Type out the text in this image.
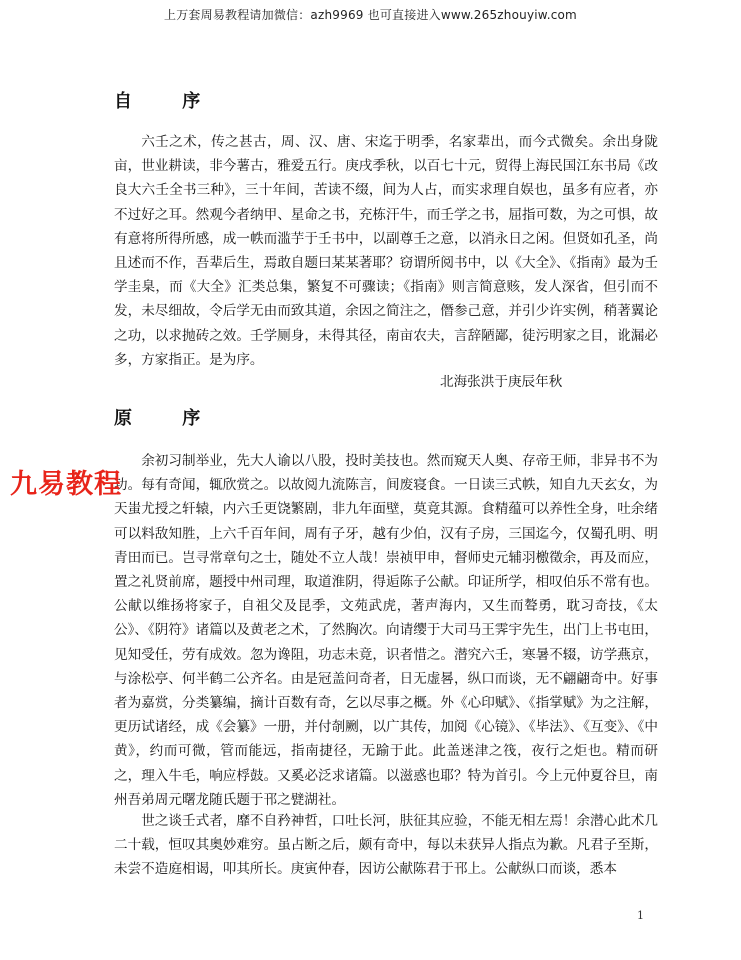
上万套周易教程请加微信：azh9969 也可直接进入www.265zhouyiw.com
自 序

六壬之术，传之甚古，周、汉、唐、宋迄于明季，名家辈出，而今式微矣。余出身陇亩，世业耕读，非今薯古，雅爱五行。庚戌季秋，以百七十元，贸得上海民国江东书局《改良大六壬全书三种》，三十年间，苦读不缀，间为人占，而实求理自娱也，虽多有应者，亦不过好之耳。然观今者纳甲、星命之书，充栋汗牛，而壬学之书，屈指可数，为之可惧，故有意将所得所感，成一帙而滥芋于壬书中，以副尊壬之意，以消永日之闲。但贤如孔圣，尚且述而不作，吾辈后生，焉敢自题曰某某著耶？窃谓所阅书中，以《大全》、《指南》最为壬学圭臬，而《大全》汇类总集，繁复不可骤读；《指南》则言简意赅，发人深省，但引而不发，未尽细故，令后学无由而致其道，余因之简注之，僭参己意，并引少许实例，稍著翼论之功，以求抛砖之效。壬学厕身，未得其径，南亩农夫，言辞陋鄙，徒污明家之目，讹漏必多，方家指正。是为序。

北海张洪于庚辰年秋
原 序

余初习制举业，先大人谕以八股，投时美技也。然而窥天人奥、存帝王师，非异书不为功。每有奇闻，辄欣赏之。以故阅九流陈言，间废寝食。一日读三式帙，知自九天玄女，为天蚩尤授之轩辕，内六壬更饶繁剧，非九年面壁，莫竟其源。食精蕴可以养性全身，吐余绪可以料敌知胜，上六千百年间，周有子牙，越有少伯，汉有子房，三国迄今，仅蜀孔明、明青田而已。岂寻常章句之士，随处不立人哉！崇祯甲申，督师史元辅羽檄徵余，再及而应，置之礼贤前席，题授中州司理，取道淮阴，得逅陈子公献。印证所学，相叹伯乐不常有也。公献以维扬将家子，自祖父及昆季，文苑武虎，著声海内，又生而聱勇，耽习奇技，《太公》、《阴符》诸篇以及黄老之术，了然胸次。向请缨于大司马王霁宇先生，出门上书屯田，见知受任，劳有成效。忽为谗阻，功志未竟，识者惜之。潜究六壬，寒暑不辍，访学燕京，与涂松亭、何半鹤二公齐名。由是冠盖问奇者，日无虚晷，纵口而谈，无不翩翩奇中。好事者为嘉赏，分类纂编，摘计百数有奇，乞以尽事之概。外《心印赋》、《指掌赋》为之注解，更历试诸经，成《会纂》一册，并付剞劂，以广其传，加阅《心镜》、《毕法》、《互变》、《中黄》，约而可微，管而能远，指南捷径，无踰于此。此盖迷津之筏，夜行之炬也。精而研之，理入牛毛，响应桴鼓。又奚必泛求诸篇。以滋惑也耶？特为首引。今上元仲夏谷旦，南州吾弟周元曙龙随氏题于邗之甓湖社。

世之谈壬式者，靡不自矜神哲，口吐长河，肤征其应验，不能无相左焉！余潜心此术几二十载，恒叹其奥妙难穷。虽占断之后，颇有奇中，每以未获异人指点为歉。凡君子至斯，未尝不造庭相谒，叩其所长。庚寅仲春，因访公献陈君于邗上。公献纵口而谈，悉本

九易教程
1
